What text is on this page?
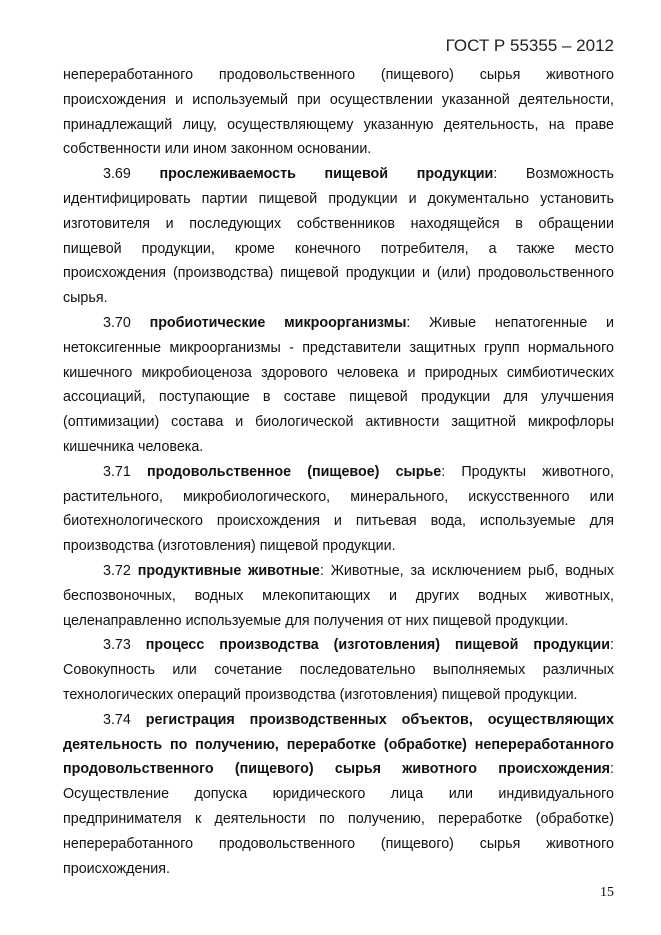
ГОСТ Р 55355 – 2012
непереработанного продовольственного (пищевого) сырья животного
происхождения и используемый при осуществлении указанной деятельности,
принадлежащий лицу, осуществляющему указанную деятельность, на праве
собственности или ином законном основании.
3.69 прослеживаемость пищевой продукции: Возможность
идентифицировать партии пищевой продукции и документально установить
изготовителя и последующих собственников находящейся в обращении
пищевой продукции, кроме конечного потребителя, а также место
происхождения (производства) пищевой продукции и (или) продовольственного
сырья.
3.70 пробиотические микроорганизмы: Живые непатогенные и
нетоксигенные микроорганизмы - представители защитных групп нормального
кишечного микробиоценоза здорового человека и природных симбиотических
ассоциаций, поступающие в составе пищевой продукции для улучшения
(оптимизации) состава и биологической активности защитной микрофлоры
кишечника человека.
3.71 продовольственное (пищевое) сырье: Продукты животного,
растительного, микробиологического, минерального, искусственного или
биотехнологического происхождения и питьевая вода, используемые для
производства (изготовления) пищевой продукции.
3.72 продуктивные животные: Животные, за исключением рыб, водных
беспозвоночных, водных млекопитающих и других водных животных,
целенаправленно используемые для получения от них пищевой продукции.
3.73 процесс производства (изготовления) пищевой продукции:
Совокупность или сочетание последовательно выполняемых различных
технологических операций производства (изготовления) пищевой продукции.
3.74 регистрация производственных объектов, осуществляющих
деятельность по получению, переработке (обработке) непереработанного
продовольственного (пищевого) сырья животного происхождения:
Осуществление допуска юридического лица или индивидуального
предпринимателя к деятельности по получению, переработке (обработке)
непереработанного продовольственного (пищевого) сырья животного
происхождения.
15
